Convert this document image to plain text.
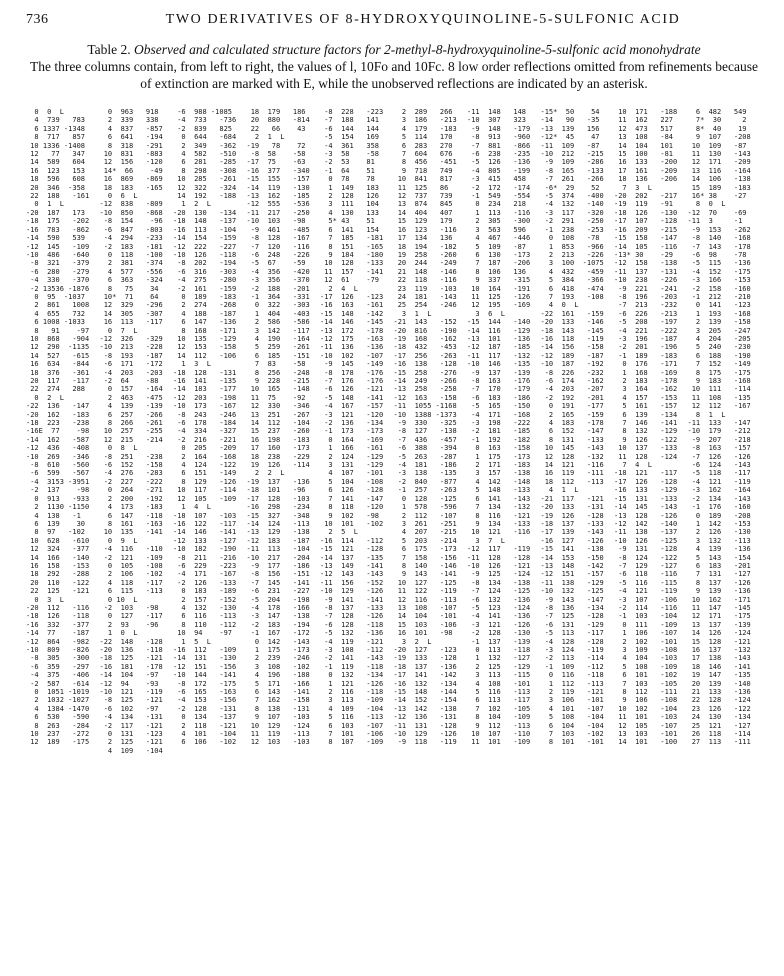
736	TWO DERIVATIVES OF 8-HYDROXYQUINOLINE-5-SULFONIC ACID

Table 2. Observed and calculated structure factors for 2-methyl-8-hydroxyquinoline-5-sulfonic acid monohydrate

The three columns contain, from left to right, the values of l, 10Fo and 10Fc. 8 low order reflections omitted from refinements because of extinction are marked with E, while the unobserved reflections are indicated by an asterisk.

0  0  L
4  739   783
6 1337 -1348
8  717   857
10 1336 -1408
12   77   347
14  589   604
16  123   153
18  596   608
20  346  -358
22  188   -161
0  1  L
-20  187   173
-18  175   -202
-16  783   -862
-14  590   539
-12  145   -109
-10  486   -640
-8  321   -379
-6  280   -279
-4  330   -370
-2 13536 -1876
0  95  -1037
2  861   1008
4  655   732
6 1008 -1033
8   91    -97
10  868   -904
12  290  -1135
14  527   -615
16  634   -844
18  376   -361
20  117   -117
22  274   288
0  2  L
-22  136   -147
-20  162   -183
-18  223   -238
-16E  77    -98
-14  162   -587
-12  436   -408
-10  269   -346
-8  610   -560
-6  599   -567
-4  3153 -3951
-2  137    -98
0  913   -933
2  1130 -1150
4  138   -1
6  139    30
8  97   -102
10  628   -610
12  324   -377
14  166   -140
16  158   -153
18  292   -288
20  110   -122
22  125   -121
0  3  L
-20  112   -116
-18  126   -118
-16  332   -377
-14  77    -187
-12  864   -982
-10  809   -826
-8  305   -300
-6  359   -297
-4  375   -406
-2  587   -614
0  1051 -1019
2  1032 -1027
4  1384 -1470
6  530   -590
8  263   -284
10  237   -272
12  189   -175
0  963   918
2  339   338
4  837   -857
6  641   -194
8  318   -291
10  831   -883
12  156   -120
14*  66    -49
16  869   -869
18  183   -165
0  6  L
-12  838   -809
-10  850   -868
-8  154    -96
-6  847   -803
-4  294   -233
-2  183   -181
0  118   -100
2  381   -374
4  577   -556
6  363   -324
8   75    34
10*  71    64
12  329   -296
14  305   -307
16  113   -117
0  7  L
-12  326   -329
-10  213   -228
-8  193   -187
-6  171   -172
-4  203   -203
-2  64    -88
0  157   -164
2  463   -475
4  139   -139
6  257   -266
8  266   -261
10  257   -255
12  215   -214
0  8  L
-8  251   -238
-6  152   -158
-4  276   -283
-2  227   -222
0  264   -271
2  200   -192
4  173   -183
6  147   -118
8  161   -163
10  135   -141
0  9  L
-4  116   -110
-2  121   -109
0  105   -108
2  106   -102
4  118   -117
6  115   -113
0 10  L
-2  103   -98
0  127   -117
2  93    -96
1  0  L
-22  148   -128
-20  136   -118
-18  125   -121
-16  181   -178
-14  104   -97
-12  94    -93
-10  121   -119
-8  125   -121
-6  102   -97
-4  134   -131
-2  117   -121
0  131   -123
2  125   -121
4  109   -104
-6  988 -1085
-4  733   -736
-2  839   825
0  644   -684
2  349   -362
4  582   -510
6  281   -285
8  298   -308
10  285   -261
12  322   -324
14  192   -188
1  2  L
-20  130   -134
-18  148   -137
-16  113   -104
-14  154   -159
-12  222   -227
-10  126   -118
-8  202   -194
-6  316   -303
-4  275   -280
-2  161   -159
0  189   -183
2  274   -268
4  188   -187
6  147   -136
8  168   -171
10  135   -129
12  153   -158
14  112   -106
1  3  L
-18  128   -131
-16  141   -135
-14  183   -177
-12  203   -198
-10  173   -167
-8  243   -246
-6  178   -184
-4  334   -327
-2  216   -221
0  205   -209
2  164   -168
4  124   -122
6  151   -149
8  129   -126
10  117   -114
12  105   -109
1  4  L
-18  107   -103
-16  122   -117
-14  146   -141
-12  133   -127
-10  182   -190
-8  211   -216
-6  229   -223
-4  171   -167
-2  126   -133
0  183   -189
2  157   -152
4  132   -130
6  116   -113
8  110   -112
10  94    -97
1  5  L
-16  112   -109
-14  131   -130
-12  151   -156
-10  144   -141
-8  172   -175
-6  165   -163
-4  153   -156
-2  128   -131
0  134   -137
2  118   -121
4  101   -104
6  106   -102
18  179   186
20  880   -814
22   66    43
2  1  L
-19   78    72
-8  58    -58
-17  75    -63
-16  377   -340
-15  155   -157
-14  119   -130
-13  162   -185
-12  555   -536
-11  217   -250
-10  103   -98
-9  461   -485
-8  128   -167
-7  120   -116
-6  248   -226
-5  67    -59
-4  356   -420
-3  356   -370
-2  188   -201
-1  364   -331
0  322   -303
1  404   -403
2  586   -586
3  142   -117
4  190   -164
5  259   -261
6  185   -151
7  83    -58
8  256   -248
9  228   -215
10  165   -148
11  75    -92
12  330   -346
13  251   -267
14  112   -104
15  237   -260
16  198   -183
17  160   -173
18  238   -229
19  126   -114
2  2  L
-19  137   -136
-18  101   -96
-17  128   -103
-16  298   -234
-15  327   -348
-14  124   -113
-13  129   -138
-12  183   -187
-11  113   -104
-10  217   -204
-9  177   -186
-8  156   -151
-7  145   -141
-6  231   -227
-5  204   -198
-4  178   -166
-3  147   -138
-2  183   -194
-1  167   -172
0  142   -143
1  175   -173
2  239   -246
3  108   -102
4  196   -188
5  171   -166
6  143   -141
7  162   -158
8  138   -131
9  107   -103
10  129   -124
11  119   -113
12  103   -103
-8  228   -223
-7  188   141
-6  144   144
-5  154   169
-4  361   358
-3  58    -58
-2  53    81
-1  64    51
0  78    78
1  149   183
2  128   126
3  111   104
4  130   133
5* 43    51
6  141   154
7  185   -181
8  151   -165
9  184   -180
10  128   -133
11  157   -141
12  61    -79
2  4  L
-17  126   -123
-16  163   -161
-15  148   -142
-14  146   -145
-13  172   -178
-12  175   -163
-11  136   -136
-10  102   -107
-9  145   -149
-8  178   -176
-7  176   -176
-6  126   -121
-5  148   -141
-4  167   -157
-3  121   -120
-2  136   -134
-1  173   -173
0  164   -169
1  166   -161
2  124   -129
3  131   -129
4  107   -101
5  104   -108
6  126   -128
7  141   -147
8  118   -120
9  102   -98
10  101   -102
2  5  L
-16  114   -112
-15  121   -128
-14  137   -135
-13  149   -141
-12  143   -143
-11  156   -152
-10  129   -126
-9  141   -141
-8  137   -133
-7  128   -126
-6  128   -118
-5  132   -136
-4  119   -121
-3  108   -112
-2  141   -143
-1  119   -118
0  132   -134
1  121   -126
2  116   -118
3  113   -109
4  109   -104
5  116   -113
6  103   -107
7  101   -106
8  107   -109
2  289   266
3  186   -213
4  179   -183
5  114   170
6  283   270
7  604   676
8  456   -451
9  718   749
10  841   817
11  125   86
12  737   739
13  874   845
14  404   407
15  129   179
16  123   -116
17  134   136
18  194   -182
19  258   -260
20  244   -249
21  148   -146
22  118   -116
23  119   -103
24  181   -143
25  254   -246
3  1  L
-21  143   -152
-20  816   -190
-19  168   -162
-18  432   -453
-17  256   -263
-16  138   -128
-15  258   -276
-14  249   -266
-13  258   -258
-12  163   -158
-11  1055 -1168
-10  1388 -1373
-9  330   -325
-8  127   -138
-7  436   -457
-6  388   -394
-5  263   -287
-4  181   -186
-3  138   -135
-2  840   -877
-1  257   -263
0  128   -125
1  578   -596
2  112   -107
3  261   -251
4  207   -215
5  203   -214
6  175   -173
7  158   -156
8  140   -146
9  143   -141
10  127   -125
11  122   -119
12  116   -113
13  108   -107
14  104   -101
15  103   -106
16  101   -98
3  2  L
-20  127   -123
-19  133   -128
-18  137   -136
-17  141   -142
-16  132   -134
-15  148   -144
-14  152   -154
-13  142   -138
-12  136   -131
-11  131   -128
-10  129   -126
-9  118   -119
-11  148   148
-10  307   323
-9  148   -179
-8  913   -960
-7  881   -866
-6  238   -235
-5  126   -136
-4  805   -199
-3  415   458
-2  172   -174
-1  549   -554
0  234   218
1  113   -116
2  305   -300
3  563   596
4  467   -446
5  109   -87
6  130   -173
7  187   -206
8  106   136
9  337   -315
10  164   -191
11  125   -126
12  195   -169
3  6  L
-15  144   -140
-14  116   -129
-13  101   -136
-12  187   -185
-11  117   -132
-10  146   -135
-9  137   -139
-8  163   -176
-7  170   -179
-6  183   -186
-5  165   -150
-4  171   -168
-3  198   -222
-2  181   -185
-1  192   -182
0  163   -158
1  175   -173
2  171   -183
3  157   -138
4  142   -148
5  148   -133
6  141   -143
7  134   -132
8  116   -121
9  134   -133
10  121   -116
3  7  L
-12  117   -119
-11  128   -128
-10  126   -121
-9  125   -124
-8  134   -138
-7  124   -125
-6  132   -136
-5  123   -124
-4  141   -136
-3  121   -126
-2  128   -130
-1  137   -139
0  113   -118
1  132   -127
2  125   -129
3  113   -115
4  108   -101
5  116   -113
6  113   -117
7  102   -105
8  104   -109
9  112   -113
10  107   -110
11  101   -109
-15*  50    54
-14   90   -35
-13  139   156
-12*  45    47
-11  109   -87
-10  212   -215
-9  109   -286
-8  165   -133
-7  261   -266
-6*  29    52
-5  374   -400
-4  132   -140
-3  117   -320
-2  291   -250
-1  238   -253
0  108   -78
1  853   -966
2  213   -226
3  100  -1075
4  432   -459
5  384   -366
6  418   -474
7  193   -108
4  0  L
-22  161   -159
-20  133   -146
-18  143   -145
-16  118   -119
-14  156   -158
-12  189   -187
-10  187   -192
-8  226   -232
-6  174   -162
-4  203   -207
-2  192   -201
0  191   -177
2  165   -159
4  183   -178
6  152   -147
8  131   -133
10  145   -143
12  128   -132
14  121   -116
16  119   -111
18  112   -113
4  1  L
-21  117   -121
-20  133   -131
-19  126   -128
-18  137   -133
-17  139   -143
-16  127   -126
-15  141   -138
-14  153   -150
-13  148   -142
-12  151   -157
-11  138   -129
-10  132   -125
-9  143   -147
-8  136   -134
-7  125   -128
-6  131   -129
-5  113   -117
-4  128   -128
-3  124   -119
-2  113   -114
-1  109   -112
0  116   -118
1  112   -113
2  119   -121
3  106   -101
4  101   -107
5  108   -104
6  104   -104
7  103   -102
8  101   -101
10  171   -188
11  162   227
12  473   517
13  108   -84
14  104   101
15  100   -81
16  133   -200
17  161   -209
18  136   -206
7  3  L
-20  202   -217
-19  119   -91
-18  126   -130
-17  107   -128
-16  209   -215
-15  158   -147
-14  105   -116
-13* 30    -29
-12  158   -138
-11  137   -131
-10  238   -226
-9  221   -241
-8  196   -203
-7  213   -232
-6  226   -213
-5  208   -197
-4  221   -222
-3  196   -187
-2  201   -196
-1  189   -183
0  176   -171
1  168   -169
2  183   -178
3  164   -162
4  157   -153
5  161   -157
6  139   -134
7  146   -141
8  132   -129
9  126   -122
10  137   -133
11  128   -124
7  4  L
-18  121   -117
-17  126   -128
-16  133   -129
-15  131   -133
-14  145   -143
-13  128   -126
-12  142   -140
-11  138   -137
-10  126   -125
-9  131   -128
-8  124   -122
-7  129   -127
-6  118   -116
-5  116   -115
-4  121   -119
-3  107   -106
-2  114   -116
-1  103   -104
0  111   -109
1  106   -107
2  102   -101
3  109   -108
4  104   -103
5  108   -109
6  101   -102
7  103   -105
8  112   -111
9  106   -108
10  102   -104
11  101   -103
12  105   -107
13  103   -101
14  101   -100
6  482   549
7*  30     2
8*  40    19
9  107   -208
10  109   -87
11  130   -143
12  171   -209
13  116   -164
14  106   -138
15  189   -183
16* 38    -27
8  0  L
-12  70    -69
-11  3     -1
-9  153   -262
-8  140   -168
-7  143   -178
-6  98    -78
-5  115   -136
-4  152   -175
-3  166   -153
-2  158   -160
-1  212   -210
0  141   -123
1  193   -168
2  139   -158
3  205   -247
4  204   -205
5  240   -230
6  188   -190
7  152   -149
8  175   -175
9  183   -168
10  111   -114
11  108   -135
12  112   -167
8  1  L
-11  133   -147
-10  179   -212
-9  207   -218
-8  163   -157
-7  126   -126
-6  124   -143
-5  118   -117
-4  121   -119
-3  162   -164
-2  134   -143
-1  176   -160
0  189   -208
1  142   -153
2  126   -130
3  132   -113
4  139   -136
5  143   -154
6  183   -201
7  131   -127
8  137   -126
9  139   -136
10  162   -171
11  147   -145
12  171   -175
13  137   -139
14  126   -124
15  128   -121
16  137   -132
17  138   -143
18  146   -141
19  147   -135
20  139   -140
21  133   -136
22  128   -124
23  126   -122
24  130   -134
25  121   -127
26  118   -114
27  113   -111
